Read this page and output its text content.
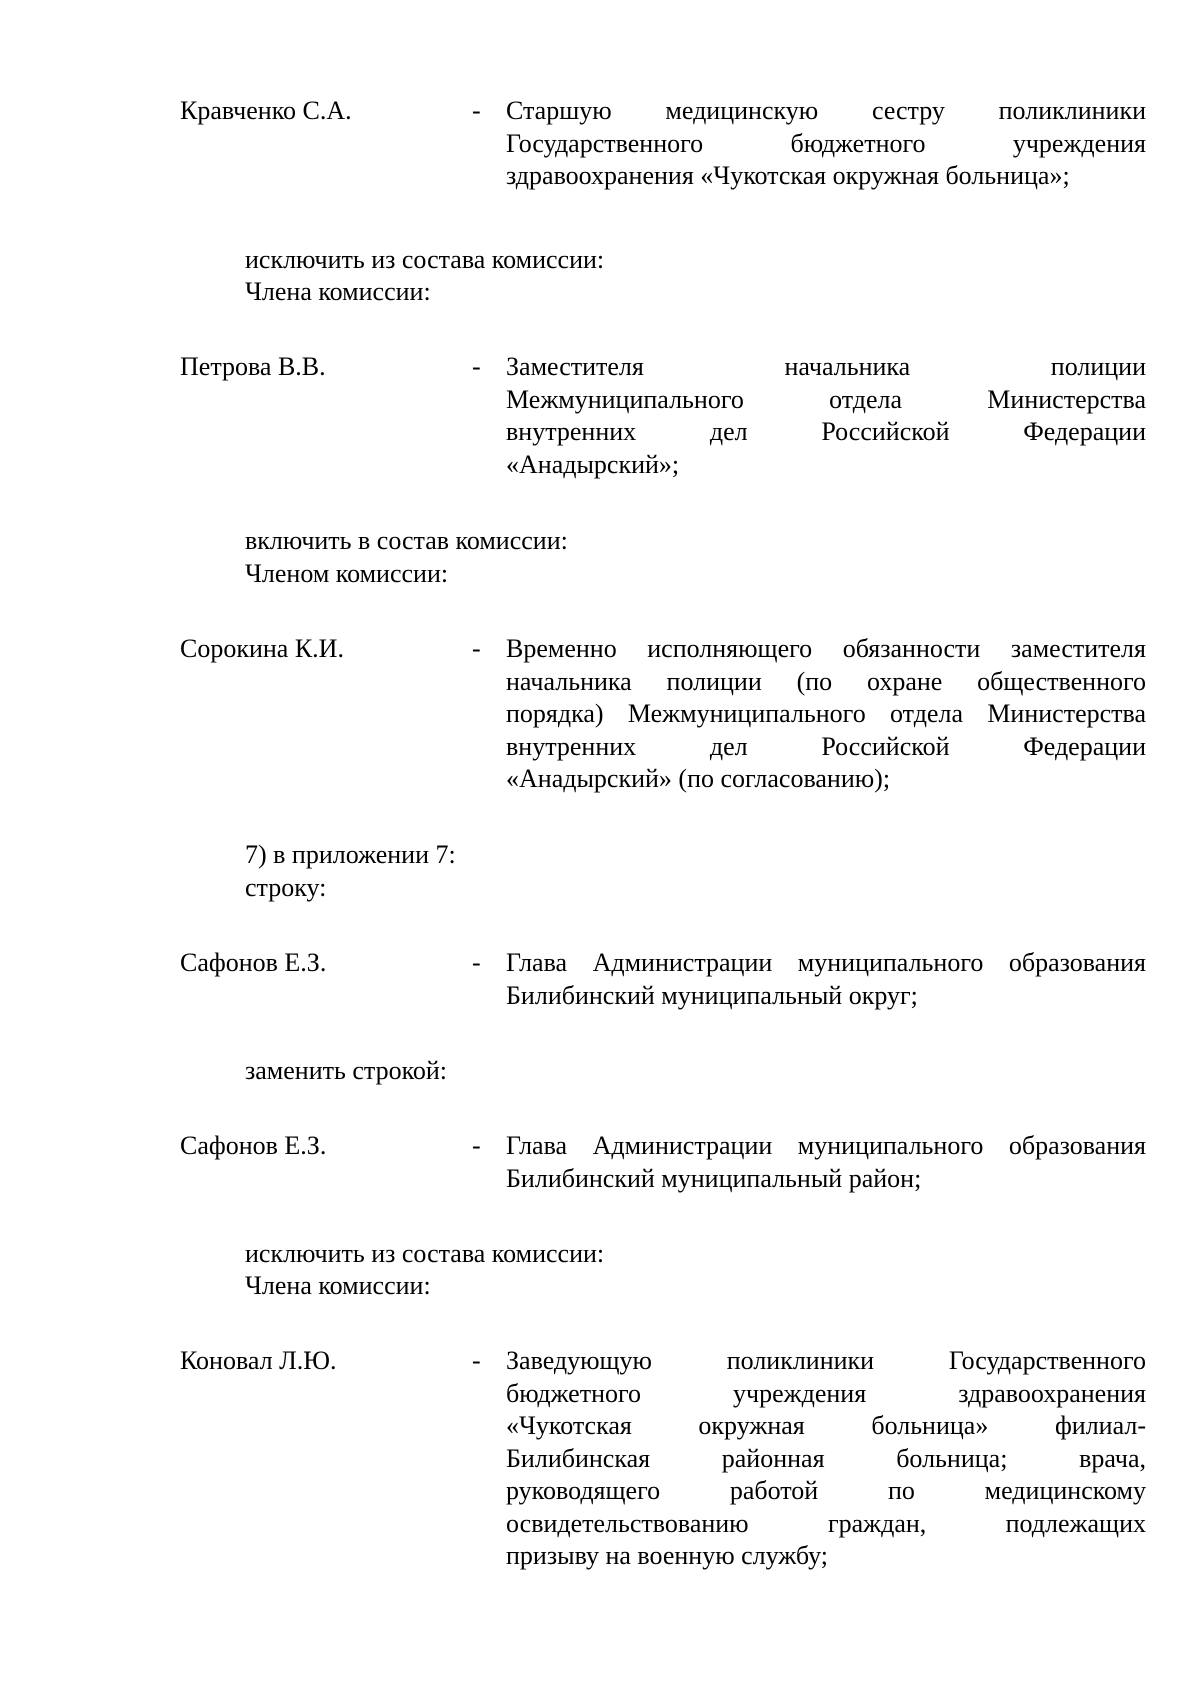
Кравченко С.А.	- Старшую медицинскую сестру поликлиники
Государственного бюджетного учреждения
здравоохранения «Чукотская окружная больница»;
исключить из состава комиссии:
Члена комиссии:
Петрова В.В.	- Заместителя начальника полиции
Межмуниципального отдела Министерства
внутренних дел Российской Федерации
«Анадырский»;
включить в состав комиссии:
Членом комиссии:
Сорокина К.И.	- Временно исполняющего обязанности заместителя
начальника полиции (по охране общественного
порядка) Межмуниципального отдела Министерства
внутренних дел Российской Федерации
«Анадырский» (по согласованию);
7) в приложении 7:
строку:
Сафонов Е.З.	- Глава Администрации муниципального образования
Билибинский муниципальный округ;
заменить строкой:
Сафонов Е.З.	- Глава Администрации муниципального образования
Билибинский муниципальный район;
исключить из состава комиссии:
Члена комиссии:
Коновал Л.Ю.	- Заведующую поликлиники Государственного
бюджетного учреждения здравоохранения
«Чукотская окружная больница» филиал-
Билибинская районная больница; врача,
руководящего работой по медицинскому
освидетельствованию граждан, подлежащих
призыву на военную службу;
